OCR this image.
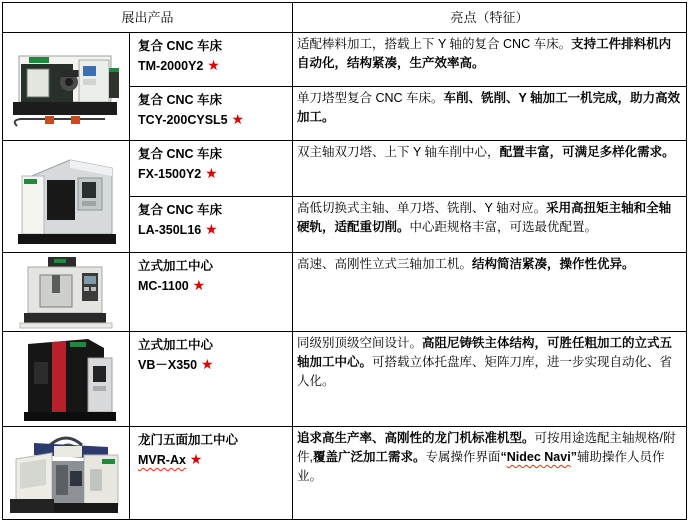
展出产品		亮点（特征）

复合 CNC 车床
TM-2000Y2 ★	适配棒料加工，搭载上下 Y 轴的复合 CNC 车床。支持工件排料机内自动化，结构紧凑，生产效率高。

	复合 CNC 车床
TCY-200CYSL5 ★	单刀塔型复合 CNC 车床。车削、铣削、Y 轴加工一机完成，助力高效加工。

复合 CNC 车床
FX-1500Y2 ★	双主轴双刀塔、上下 Y 轴车削中心，配置丰富，可满足多样化需求。

	复合 CNC 车床
LA-350L16 ★	高低切换式主轴、单刀塔、铣削、Y 轴对应。采用高扭矩主轴和全轴硬轨，适配重切削。中心距规格丰富，可选最优配置。

立式加工中心
MC-1100 ★	高速、高刚性立式三轴加工机。结构简洁紧凑，操作性优异。

立式加工中心
VB－X350 ★	同级别顶级空间设计。高阻尼铸铁主体结构，可胜任粗加工的立式五轴加工中心。可搭载立体托盘库、矩阵刀库，进一步实现自动化、省人化。

龙门五面加工中心
MVR-Ax ★	追求高生产率、高刚性的龙门机标准机型。可按用途选配主轴规格/附件,覆盖广泛加工需求。专属操作界面“Nidec Navi”辅助操作人员作业。
